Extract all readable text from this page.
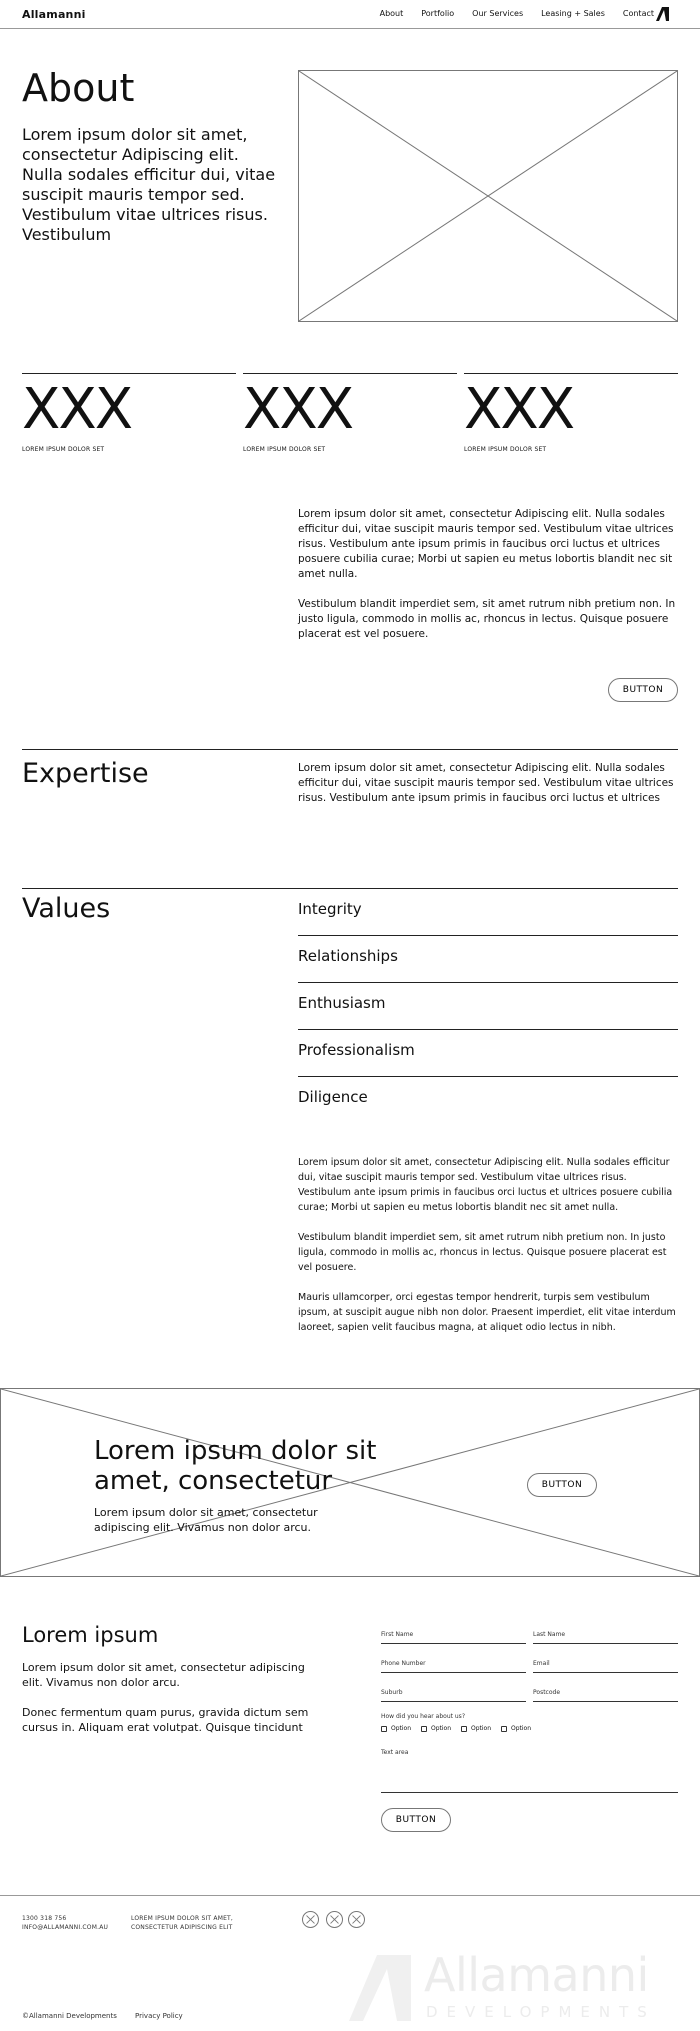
Allamanni	About Portfolio Our Services Leasing + Sales Contact
About

Lorem ipsum dolor sit amet, consectetur Adipiscing elit. Nulla sodales efficitur dui, vitae suscipit mauris tempor sed. Vestibulum vitae ultrices risus. Vestibulum

XXX XXX XXX
LOREM IPSUM DOLOR SET	LOREM IPSUM DOLOR SET	LOREM IPSUM DOLOR SET

Lorem ipsum dolor sit amet, consectetur Adipiscing elit. Nulla sodales efficitur dui, vitae suscipit mauris tempor sed. Vestibulum vitae ultrices risus. Vestibulum ante ipsum primis in faucibus orci luctus et ultrices posuere cubilia curae; Morbi ut sapien eu metus lobortis blandit nec sit amet nulla.

Vestibulum blandit imperdiet sem, sit amet rutrum nibh pretium non. In justo ligula, commodo in mollis ac, rhoncus in lectus. Quisque posuere placerat est vel posuere.

BUTTON
Expertise	Lorem ipsum dolor sit amet, consectetur Adipiscing elit. Nulla sodales efficitur dui, vitae suscipit mauris tempor sed. Vestibulum vitae ultrices risus. Vestibulum ante ipsum primis in faucibus orci luctus et ultrices

Values	Integrity
Relationships
Enthusiasm
Professionalism
Diligence

Lorem ipsum dolor sit amet, consectetur Adipiscing elit. Nulla sodales efficitur dui, vitae suscipit mauris tempor sed. Vestibulum vitae ultrices risus. Vestibulum ante ipsum primis in faucibus orci luctus et ultrices posuere cubilia curae; Morbi ut sapien eu metus lobortis blandit nec sit amet nulla.

Vestibulum blandit imperdiet sem, sit amet rutrum nibh pretium non. In justo ligula, commodo in mollis ac, rhoncus in lectus. Quisque posuere placerat est vel posuere.

Mauris ullamcorper, orci egestas tempor hendrerit, turpis sem vestibulum ipsum, at suscipit augue nibh non dolor. Praesent imperdiet, elit vitae interdum laoreet, sapien velit faucibus magna, at aliquet odio lectus in nibh.

Lorem ipsum dolor sit amet, consectetur

Lorem ipsum dolor sit amet, consectetur adipiscing elit. Vivamus non dolor arcu.

BUTTON
Lorem ipsum

Lorem ipsum dolor sit amet, consectetur adipiscing elit. Vivamus non dolor arcu.

Donec fermentum quam purus, gravida dictum sem cursus in. Aliquam erat volutpat. Quisque tincidunt

First Name	Last Name
Phone Number	Email
Suburb	Postcode
How did you hear about us?
Option	Option	Option	Option
Text area
BUTTON
1300 318 756
INFO@ALLAMANNI.COM.AU
LOREM IPSUM DOLOR SIT AMET,
CONSECTETUR ADIPISCING ELIT
Allamanni
DEVELOPMENTS
©Allamanni Developments	Privacy Policy
